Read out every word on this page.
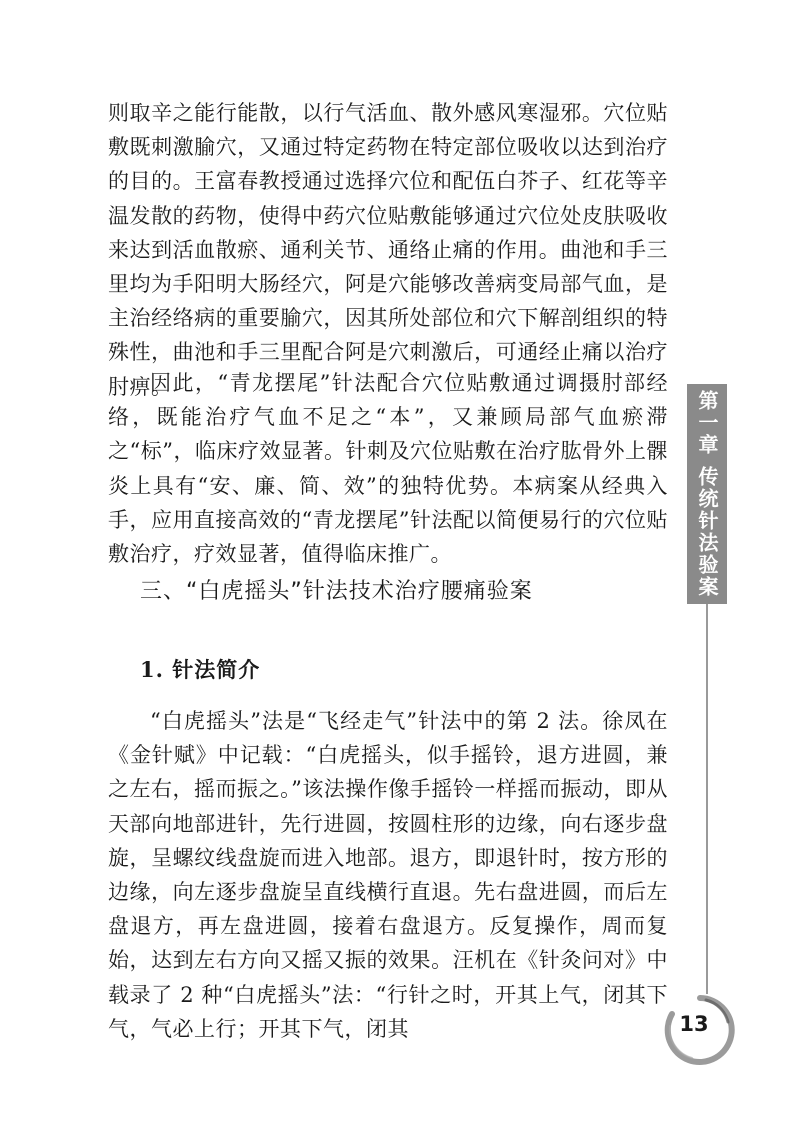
则取辛之能行能散，以行气活血、散外感风寒湿邪。穴位贴敷既刺激腧穴，又通过特定药物在特定部位吸收以达到治疗的目的。王富春教授通过选择穴位和配伍白芥子、红花等辛温发散的药物，使得中药穴位贴敷能够通过穴位处皮肤吸收来达到活血散瘀、通利关节、通络止痛的作用。曲池和手三里均为手阳明大肠经穴，阿是穴能够改善病变局部气血，是主治经络病的重要腧穴，因其所处部位和穴下解剖组织的特殊性，曲池和手三里配合阿是穴刺激后，可通经止痛以治疗肘痹。

因此，“青龙摆尾”针法配合穴位贴敷通过调摄肘部经络，既能治疗气血不足之“本”，又兼顾局部气血瘀滞之“标”，临床疗效显著。针刺及穴位贴敷在治疗肱骨外上髁炎上具有“安、廉、简、效”的独特优势。本病案从经典入手，应用直接高效的“青龙摆尾”针法配以简便易行的穴位贴敷治疗，疗效显著，值得临床推广。

三、“白虎摇头”针法技术治疗腰痛验案
1. 针法简介

“白虎摇头”法是“飞经走气”针法中的第 2 法。徐凤在《金针赋》中记载：“白虎摇头，似手摇铃，退方进圆，兼之左右，摇而振之。”该法操作像手摇铃一样摇而振动，即从天部向地部进针，先行进圆，按圆柱形的边缘，向右逐步盘旋，呈螺纹线盘旋而进入地部。退方，即退针时，按方形的边缘，向左逐步盘旋呈直线横行直退。先右盘进圆，而后左盘退方，再左盘进圆，接着右盘退方。反复操作，周而复始，达到左右方向又摇又振的效果。汪机在《针灸问对》中载录了 2 种“白虎摇头”法：“行针之时，开其上气，闭其下气，气必上行；开其下气，闭其

第一章
传统针法验案
13
